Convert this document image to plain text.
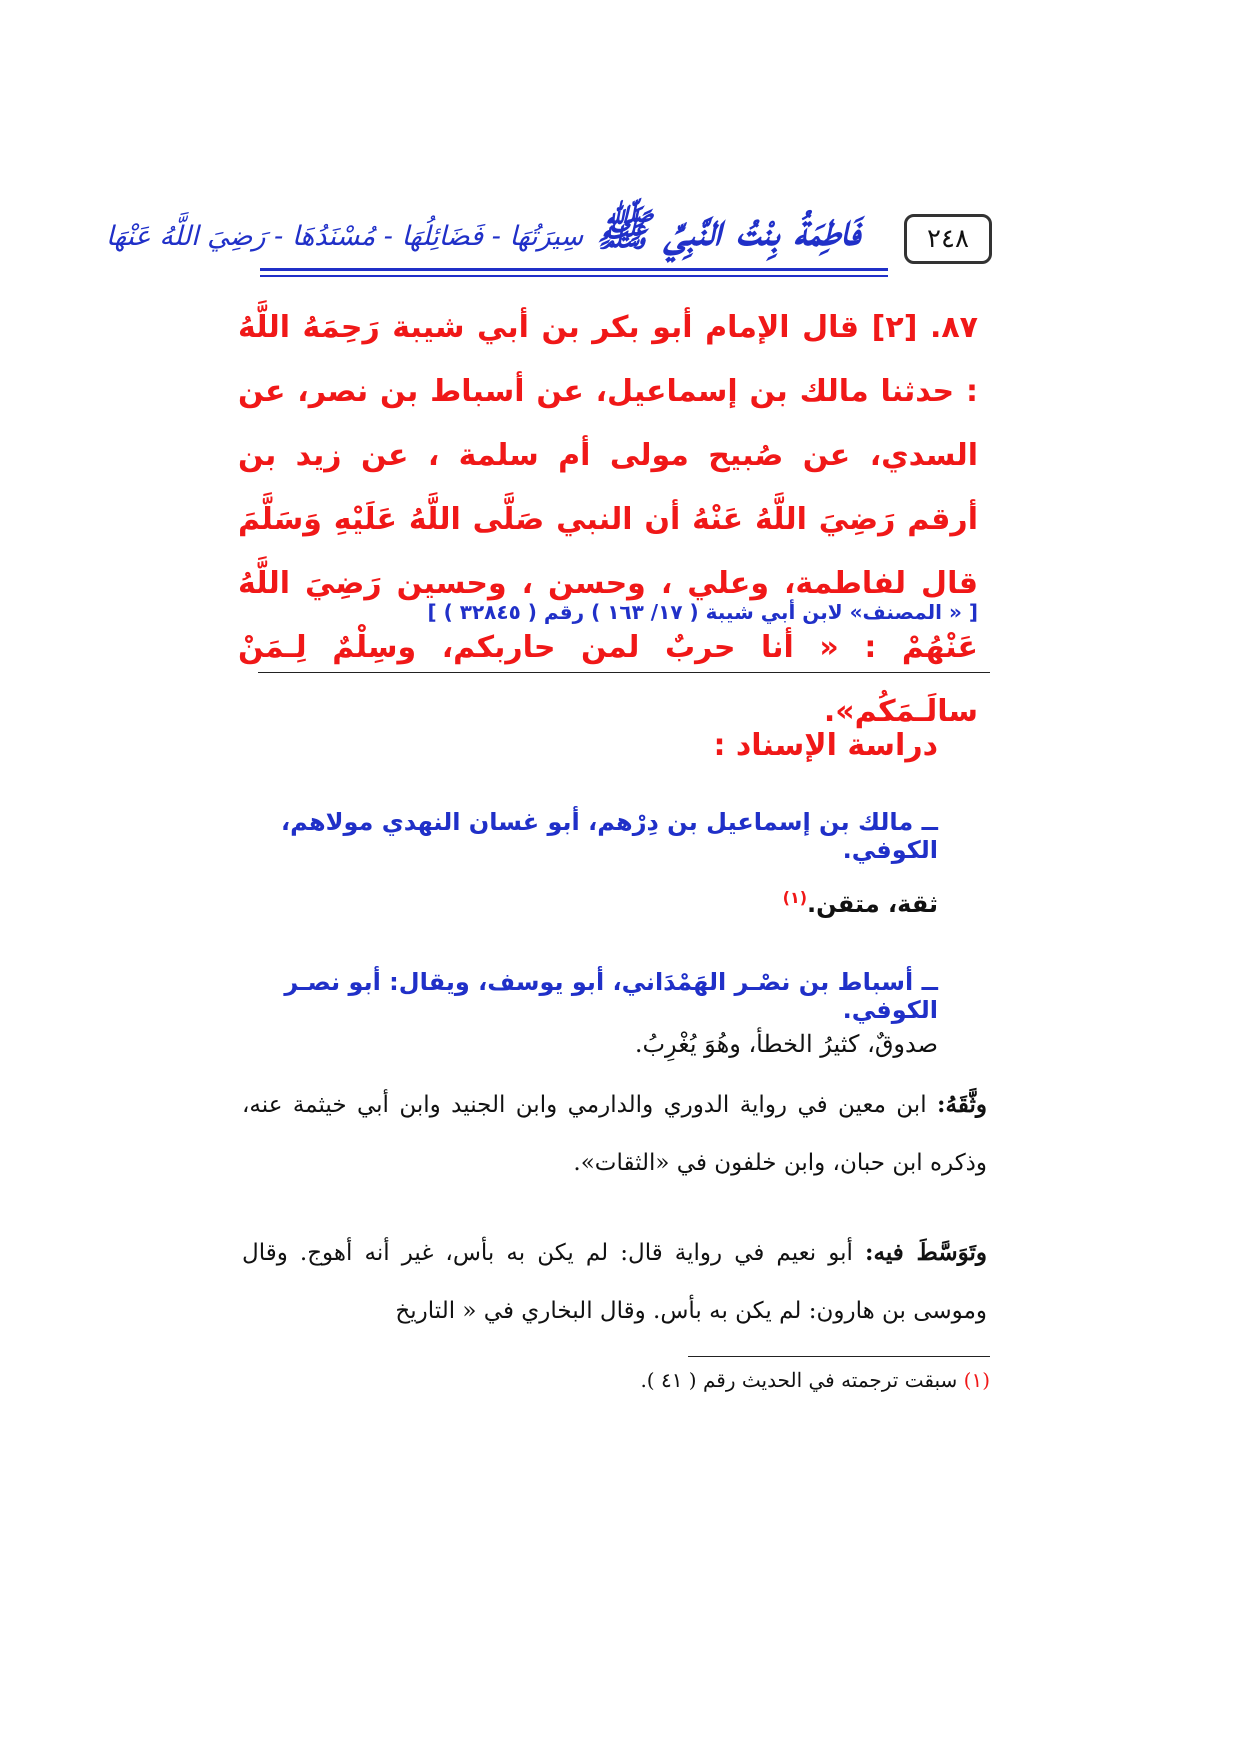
فَاطِمَةُ بِنْتُ النَّبِيِّ ﷺ سِيرَتُهَا - فَضَائِلُهَا - مُسْنَدُهَا - رَضِيَ اللَّهُ عَنْهَا	٢٤٨
٨٧. [٢] قال الإمام أبو بكر بن أبي شيبة رَحِمَهُ اللَّهُ : حدثنا مالك بن إسماعيل، عن أسباط بن نصر، عن السدي، عن صُبيح مولى أم سلمة ، عن زيد بن أرقم رَضِيَ اللَّهُ عَنْهُ أن النبي صَلَّى اللَّهُ عَلَيْهِ وَسَلَّمَ قال لفاطمة، وعلي ، وحسن ، وحسين رَضِيَ اللَّهُ عَنْهُمْ : « أنا حربٌ لمن حاربكم، وسِلْمٌ لِـمَنْ سالَـمَكُم».
[ « المصنف» لابن أبي شيبة ( ١٧/ ١٦٣ ) رقم ( ٣٢٨٤٥ ) ]
دراسة الإسناد :
ــ مالك بن إسماعيل بن دِرْهم، أبو غسان النهدي مولاهم، الكوفي.
ثقة، متقن.$^{(١)}$
ــ أسباط بن نصْـر الهَمْدَاني، أبو يوسف، ويقال: أبو نصـر الكوفي.
صدوقٌ، كثيرُ الخطأ، وهُوَ يُغْرِبُ.
وثَّقَهُ: ابن معين في رواية الدوري والدارمي وابن الجنيد وابن أبي خيثمة عنه، وذكره ابن حبان، وابن خلفون في «الثقات».
وتَوَسَّطَ فيه: أبو نعيم في رواية قال: لم يكن به بأس، غير أنه أهوج. وقال وموسى بن هارون: لم يكن به بأس. وقال البخاري في « التاريخ
(١) سبقت ترجمته في الحديث رقم ( ٤١ ).
